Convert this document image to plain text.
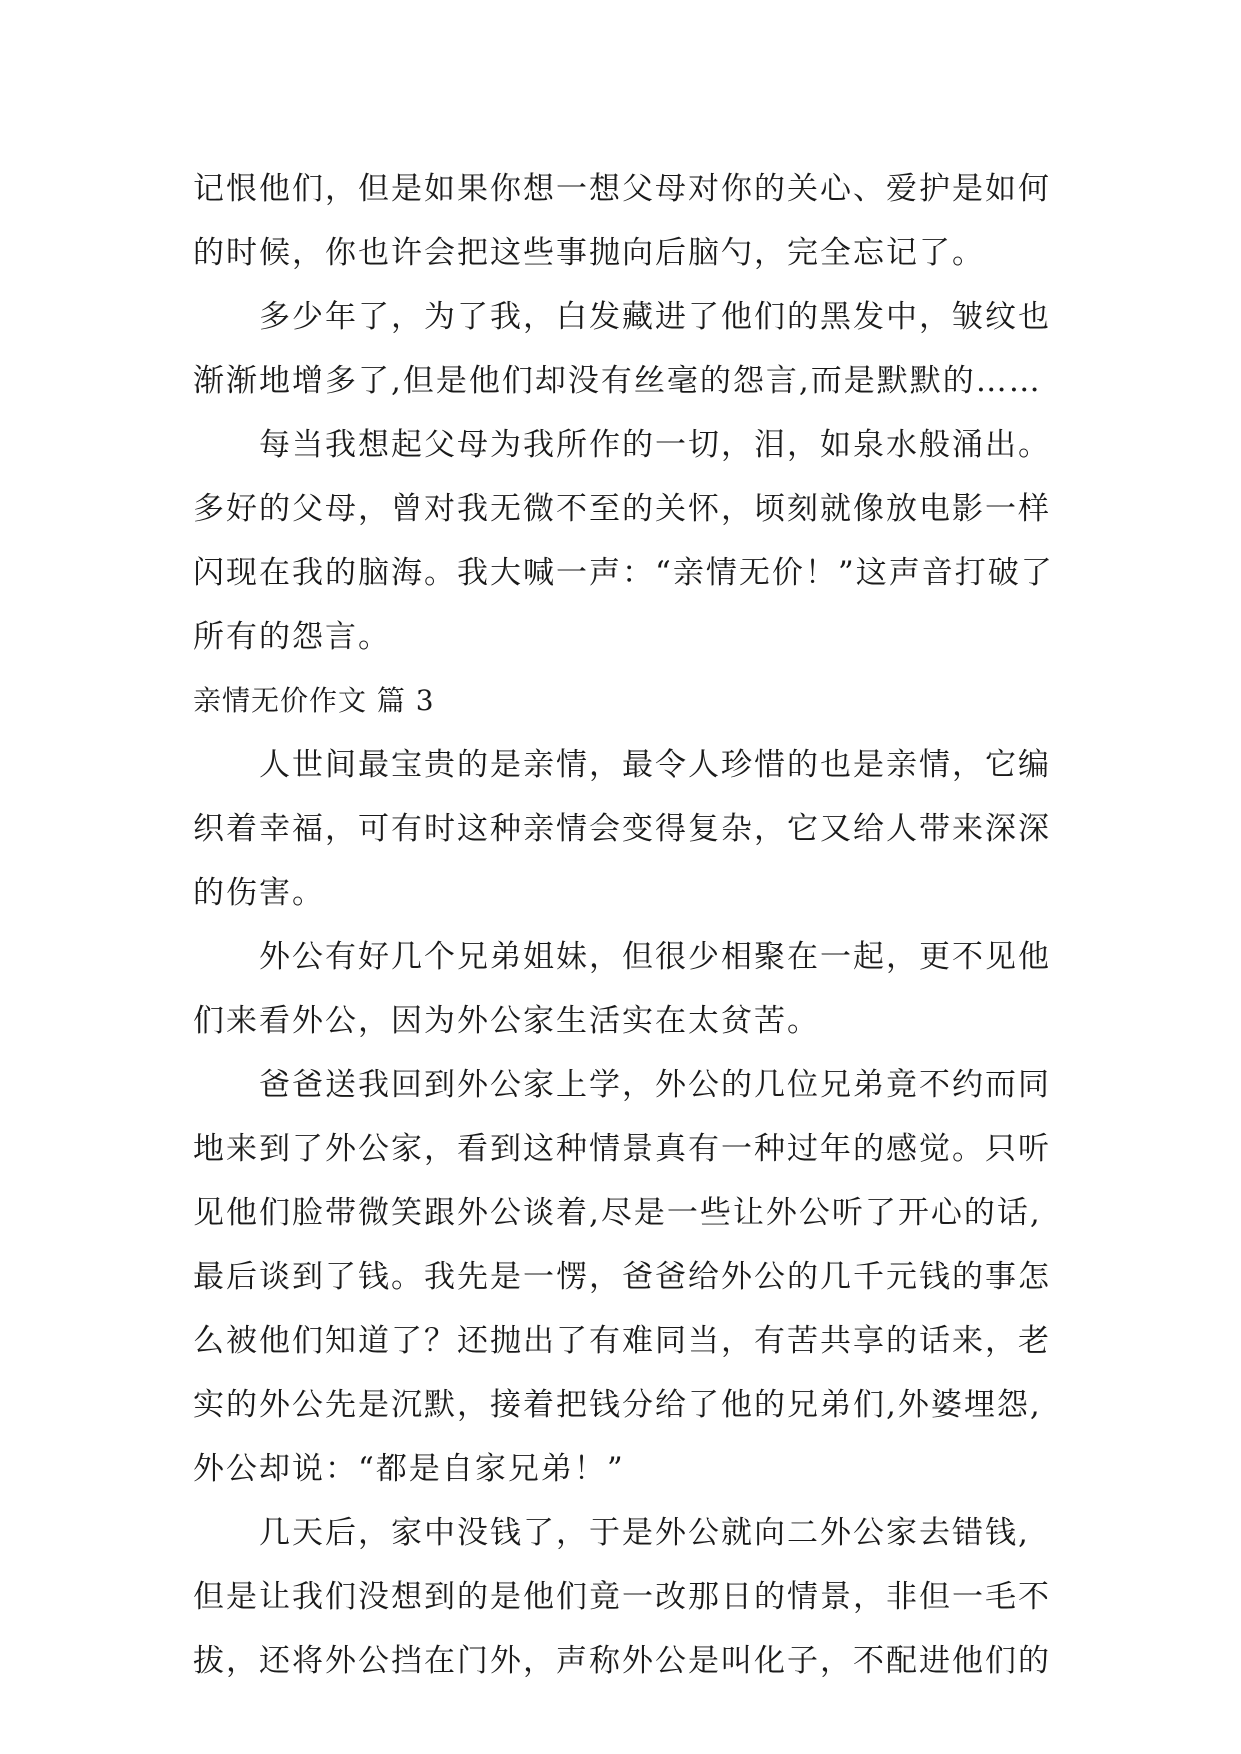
记恨他们，但是如果你想一想父母对你的关心、爱护是如何
的时候，你也许会把这些事抛向后脑勺，完全忘记了。
多少年了，为了我，白发藏进了他们的黑发中，皱纹也
渐渐地增多了,但是他们却没有丝毫的怨言,而是默默的……
每当我想起父母为我所作的一切，泪，如泉水般涌出。
多好的父母，曾对我无微不至的关怀，顷刻就像放电影一样
闪现在我的脑海。我大喊一声：“亲情无价！”这声音打破了
所有的怨言。
亲情无价作文 篇 3
人世间最宝贵的是亲情，最令人珍惜的也是亲情，它编
织着幸福，可有时这种亲情会变得复杂，它又给人带来深深
的伤害。
外公有好几个兄弟姐妹，但很少相聚在一起，更不见他
们来看外公，因为外公家生活实在太贫苦。
爸爸送我回到外公家上学，外公的几位兄弟竟不约而同
地来到了外公家，看到这种情景真有一种过年的感觉。只听
见他们脸带微笑跟外公谈着,尽是一些让外公听了开心的话,
最后谈到了钱。我先是一愣，爸爸给外公的几千元钱的事怎
么被他们知道了？还抛出了有难同当，有苦共享的话来，老
实的外公先是沉默，接着把钱分给了他的兄弟们,外婆埋怨,
外公却说：“都是自家兄弟！”
几天后，家中没钱了，于是外公就向二外公家去错钱,
但是让我们没想到的是他们竟一改那日的情景，非但一毛不
拔，还将外公挡在门外，声称外公是叫化子，不配进他们的
